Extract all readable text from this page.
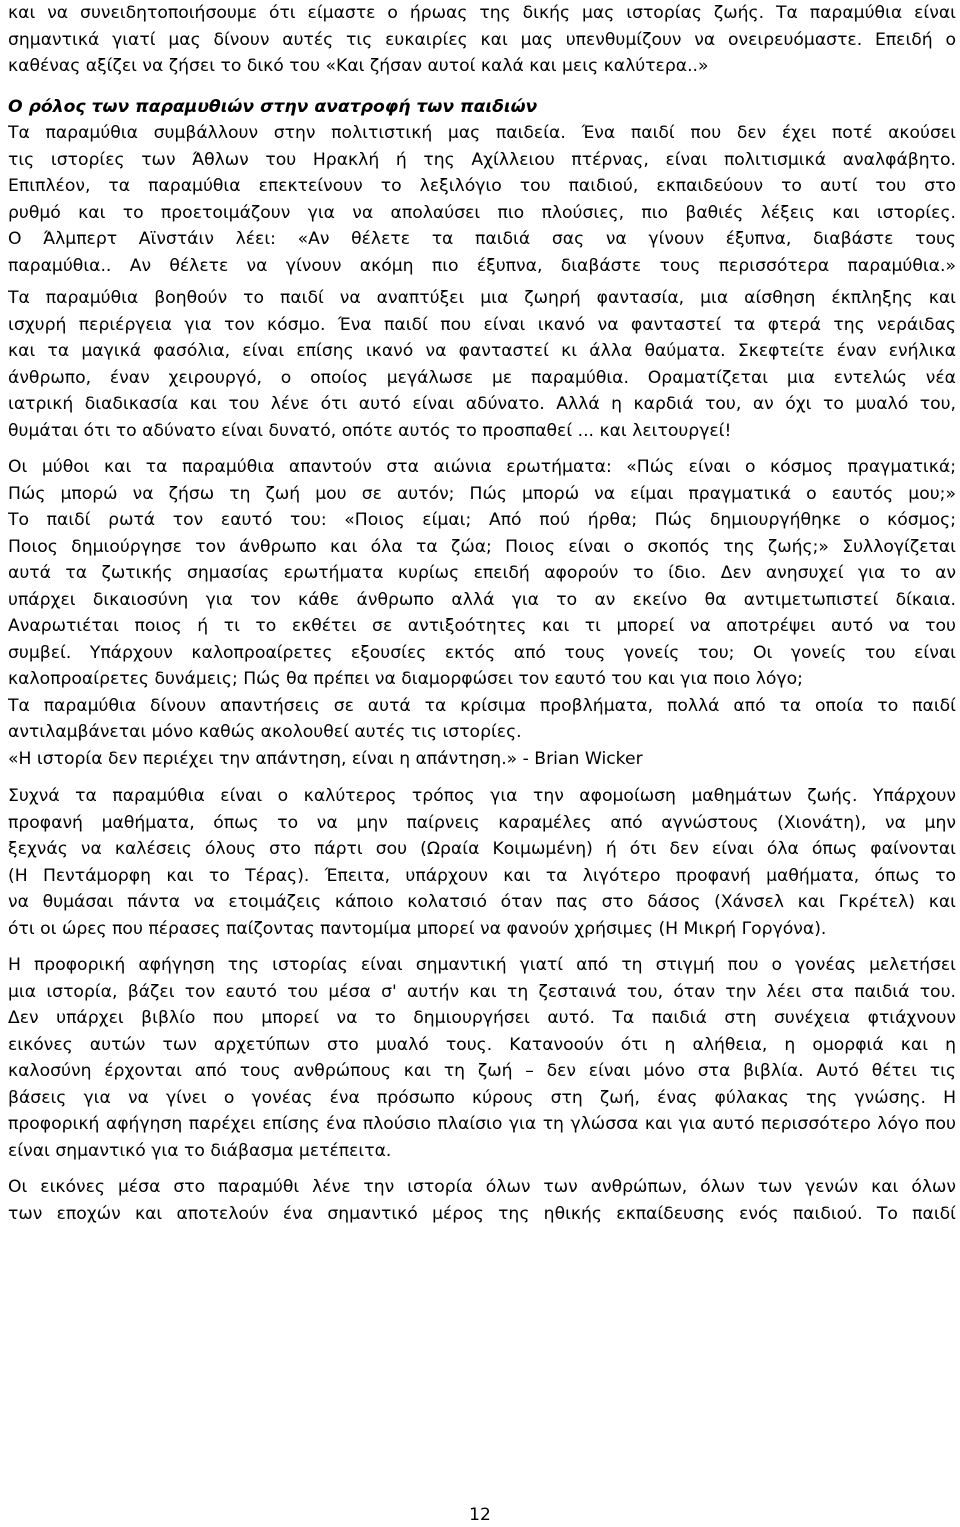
και να συνειδητοποιήσουμε ότι είμαστε ο ήρωας της δικής μας ιστορίας ζωής. Τα παραμύθια είναι
σημαντικά γιατί μας δίνουν αυτές τις ευκαιρίες και μας υπενθυμίζουν να ονειρευόμαστε. Επειδή ο
καθένας αξίζει να ζήσει το δικό του «Και ζήσαν αυτοί καλά και μεις καλύτερα..»
Ο ρόλος των παραμυθιών στην ανατροφή των παιδιών
Τα παραμύθια συμβάλλουν στην πολιτιστική μας παιδεία. Ένα παιδί που δεν έχει ποτέ ακούσει
τις ιστορίες των Άθλων του Ηρακλή ή της Αχίλλειου πτέρνας, είναι πολιτισμικά αναλφάβητο.
Επιπλέον, τα παραμύθια επεκτείνουν το λεξιλόγιο του παιδιού, εκπαιδεύουν το αυτί του στο
ρυθμό και το προετοιμάζουν για να απολαύσει πιο πλούσιες, πιο βαθιές λέξεις και ιστορίες.
Ο Άλμπερτ Αϊνστάιν λέει: «Αν θέλετε τα παιδιά σας να γίνουν έξυπνα, διαβάστε τους
παραμύθια.. Αν θέλετε να γίνουν ακόμη πιο έξυπνα, διαβάστε τους περισσότερα παραμύθια.»
Τα παραμύθια βοηθούν το παιδί να αναπτύξει μια ζωηρή φαντασία, μια αίσθηση έκπληξης και
ισχυρή περιέργεια για τον κόσμο. Ένα παιδί που είναι ικανό να φανταστεί τα φτερά της νεράιδας
και τα μαγικά φασόλια, είναι επίσης ικανό να φανταστεί κι άλλα θαύματα. Σκεφτείτε έναν ενήλικα
άνθρωπο, έναν χειρουργό, ο οποίος μεγάλωσε με παραμύθια. Οραματίζεται μια εντελώς νέα
ιατρική διαδικασία και του λένε ότι αυτό είναι αδύνατο. Αλλά η καρδιά του, αν όχι το μυαλό του,
θυμάται ότι το αδύνατο είναι δυνατό, οπότε αυτός το προσπαθεί ... και λειτουργεί!
Οι μύθοι και τα παραμύθια απαντούν στα αιώνια ερωτήματα: «Πώς είναι ο κόσμος πραγματικά;
Πώς μπορώ να ζήσω τη ζωή μου σε αυτόν; Πώς μπορώ να είμαι πραγματικά ο εαυτός μου;»
Το παιδί ρωτά τον εαυτό του: «Ποιος είμαι; Από πού ήρθα; Πώς δημιουργήθηκε ο κόσμος;
Ποιος δημιούργησε τον άνθρωπο και όλα τα ζώα; Ποιος είναι ο σκοπός της ζωής;» Συλλογίζεται
αυτά τα ζωτικής σημασίας ερωτήματα κυρίως επειδή αφορούν το ίδιο. Δεν ανησυχεί για το αν
υπάρχει δικαιοσύνη για τον κάθε άνθρωπο αλλά για το αν εκείνο θα αντιμετωπιστεί δίκαια.
Αναρωτιέται ποιος ή τι το εκθέτει σε αντιξοότητες και τι μπορεί να αποτρέψει αυτό να του
συμβεί. Υπάρχουν καλοπροαίρετες εξουσίες εκτός από τους γονείς του; Οι γονείς του είναι
καλοπροαίρετες δυνάμεις; Πώς θα πρέπει να διαμορφώσει τον εαυτό του και για ποιο λόγο;
Τα παραμύθια δίνουν απαντήσεις σε αυτά τα κρίσιμα προβλήματα, πολλά από τα οποία το παιδί
αντιλαμβάνεται μόνο καθώς ακολουθεί αυτές τις ιστορίες.
«Η ιστορία δεν περιέχει την απάντηση, είναι η απάντηση.» - Brian Wicker
Συχνά τα παραμύθια είναι ο καλύτερος τρόπος για την αφομοίωση μαθημάτων ζωής. Υπάρχουν
προφανή μαθήματα, όπως το να μην παίρνεις καραμέλες από αγνώστους (Χιονάτη), να μην
ξεχνάς να καλέσεις όλους στο πάρτι σου (Ωραία Κοιμωμένη) ή ότι δεν είναι όλα όπως φαίνονται
(Η Πεντάμορφη και το Τέρας). Έπειτα, υπάρχουν και τα λιγότερο προφανή μαθήματα, όπως το
να θυμάσαι πάντα να ετοιμάζεις κάποιο κολατσιό όταν πας στο δάσος (Χάνσελ και Γκρέτελ) και
ότι οι ώρες που πέρασες παίζοντας παντομίμα μπορεί να φανούν χρήσιμες (Η Μικρή Γοργόνα).
Η προφορική αφήγηση της ιστορίας είναι σημαντική γιατί από τη στιγμή που ο γονέας μελετήσει
μια ιστορία, βάζει τον εαυτό του μέσα σ' αυτήν και τη ζεσταινά του, όταν την λέει στα παιδιά του.
Δεν υπάρχει βιβλίο που μπορεί να το δημιουργήσει αυτό. Τα παιδιά στη συνέχεια φτιάχνουν
εικόνες αυτών των αρχετύπων στο μυαλό τους. Κατανοούν ότι η αλήθεια, η ομορφιά και η
καλοσύνη έρχονται από τους ανθρώπους και τη ζωή – δεν είναι μόνο στα βιβλία. Αυτό θέτει τις
βάσεις για να γίνει ο γονέας ένα πρόσωπο κύρους στη ζωή, ένας φύλακας της γνώσης. Η
προφορική αφήγηση παρέχει επίσης ένα πλούσιο πλαίσιο για τη γλώσσα και για αυτό περισσότερο λόγο που
είναι σημαντικό για το διάβασμα μετέπειτα.
Οι εικόνες μέσα στο παραμύθι λένε την ιστορία όλων των ανθρώπων, όλων των γενών και όλων
των εποχών και αποτελούν ένα σημαντικό μέρος της ηθικής εκπαίδευσης ενός παιδιού. Το παιδί
12
